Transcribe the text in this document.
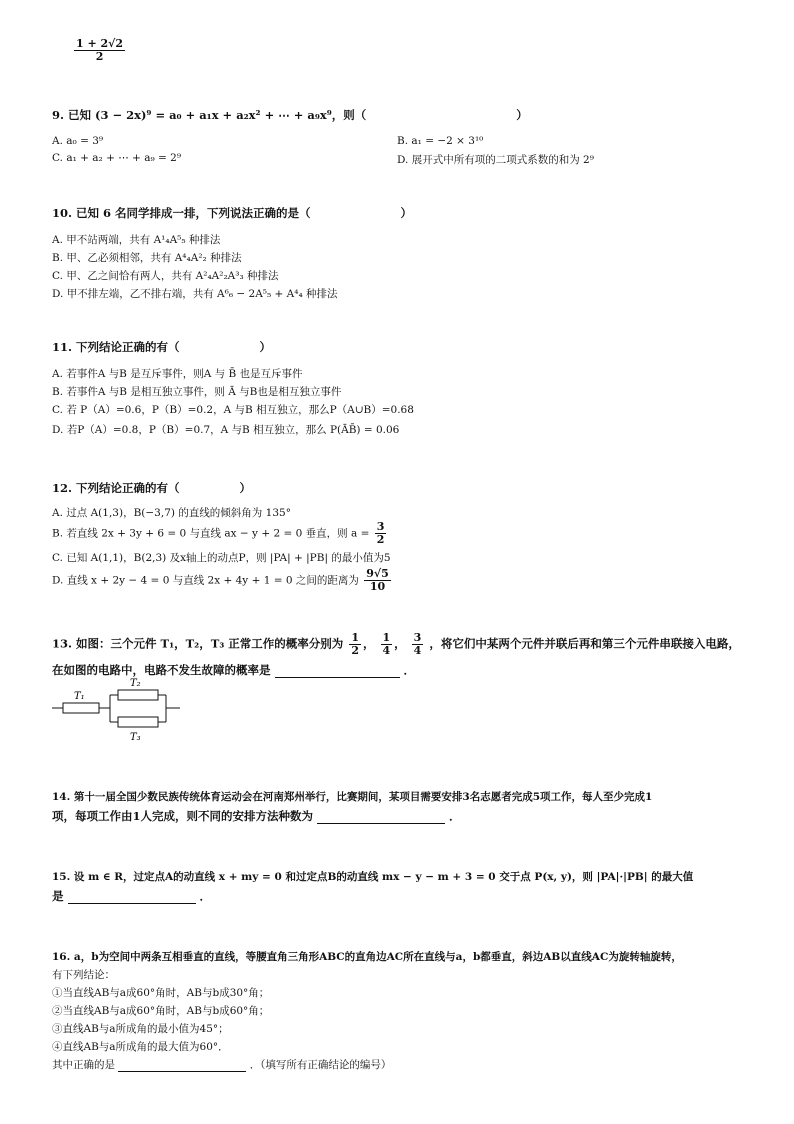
$\frac{1 + 2√2}{2}$
9. 已知 (3 − 2x)⁹ = a₀ + a₁x + a₂x² + ⋯ + a₉x⁹，则（	）
A. a₀ = 3⁹	B. a₁ = −2 × 3¹⁰
C. a₁ + a₂ + ⋯ + a₉ = 2⁹	D. 展开式中所有项的二项式系数的和为 2⁹
10. 已知 6 名同学排成一排，下列说法正确的是（	）
A. 甲不站两端，共有 A¹₄A⁵₅ 种排法
B. 甲、乙必须相邻，共有 A⁴₄A²₂ 种排法
C. 甲、乙之间恰有两人，共有 A²₄A²₂A³₃ 种排法
D. 甲不排左端，乙不排右端，共有 A⁶₆ − 2A⁵₅ + A⁴₄ 种排法
11. 下列结论正确的有（	）
A. 若事件A 与B 是互斥事件，则A 与 B̄ 也是互斥事件
B. 若事件A 与B 是相互独立事件，则 Ā 与B也是相互独立事件
C. 若 P（A）=0.6，P（B）=0.2，A 与B 相互独立，那么P（A∪B）=0.68
D. 若P（A）=0.8，P（B）=0.7，A 与B 相互独立，那么 P(ĀB̄) = 0.06
12. 下列结论正确的有（	）
A. 过点 A(1,3)，B(−3,7) 的直线的倾斜角为 135°
B. 若直线 2x + 3y + 6 = 0 与直线 ax − y + 2 = 0 垂直，则 $a = \frac{3}{2}$
C. 已知 A(1,1)，B(2,3) 及x轴上的动点P，则 |PA| + |PB| 的最小值为5
D. 直线 x + 2y − 4 = 0 与直线 2x + 4y + 1 = 0 之间的距离为 $\frac{9√5}{10}$
13. 如图：三个元件 T₁，T₂，T₃ 正常工作的概率分别为 $\frac{1}{2}$ ， $\frac{1}{4}$ ， $\frac{3}{4}$ ，将它们中某两个元件并联后再和第三个元件串联接入电路，
在如图的电路中，电路不发生故障的概率是	．
T₁
T₂
T₃
14. 第十一届全国少数民族传统体育运动会在河南郑州举行，比赛期间，某项目需要安排3名志愿者完成5项工作，每人至少完成1
项，每项工作由1人完成，则不同的安排方法种数为	．
15. 设 m ∈ R，过定点A的动直线 x + my = 0 和过定点B的动直线 mx − y − m + 3 = 0 交于点 P(x, y)，则 |PA|·|PB| 的最大值
是	．
16. a，b为空间中两条互相垂直的直线，等腰直角三角形ABC的直角边AC所在直线与a，b都垂直，斜边AB以直线AC为旋转轴旋转，
有下列结论：
①当直线AB与a成60°角时，AB与b成30°角；
②当直线AB与a成60°角时，AB与b成60°角；
③直线AB与a所成角的最小值为45°；
④直线AB与a所成角的最大值为60°．
其中正确的是	．（填写所有正确结论的编号）
